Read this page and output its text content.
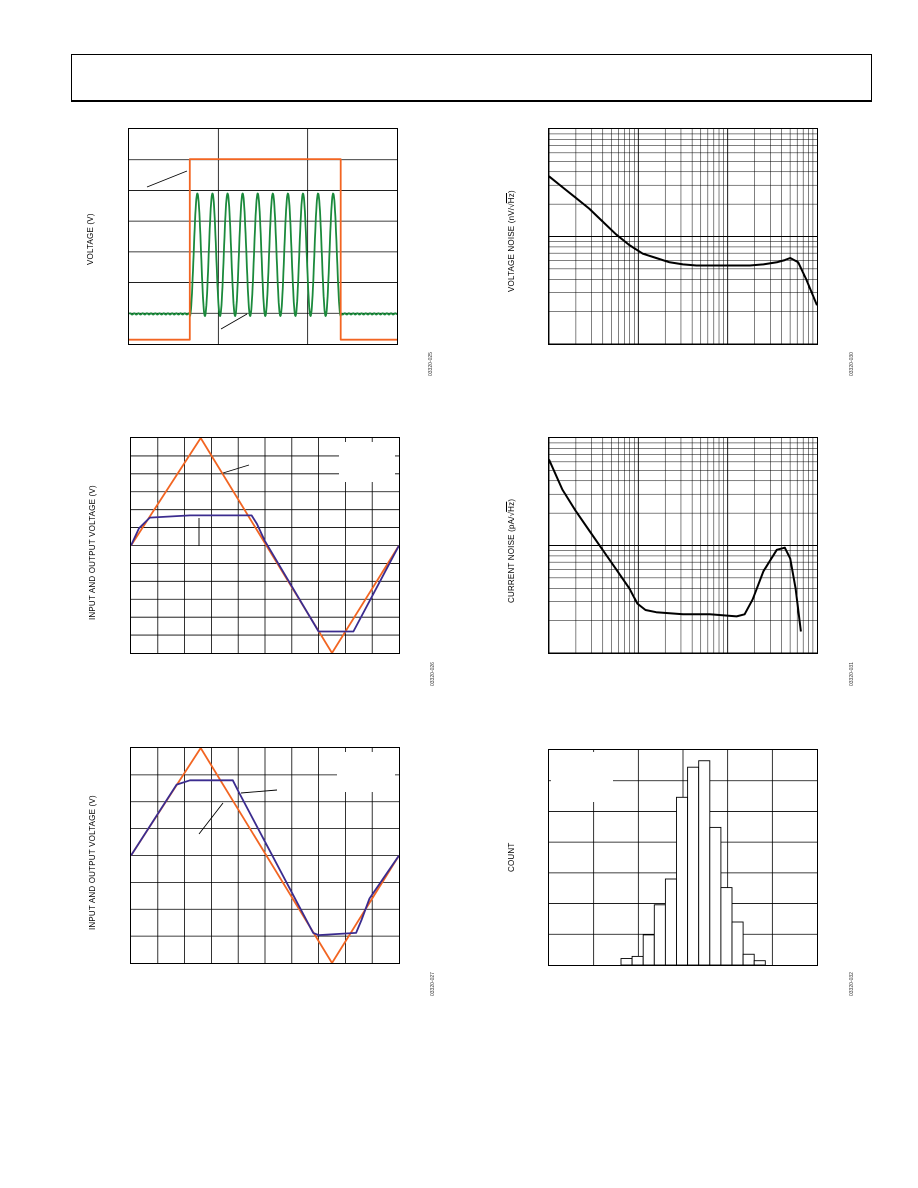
VOLTAGE (V)
03320-025
VOLTAGE NOISE (nV/√Hz)
03320-030
INPUT AND OUTPUT VOLTAGE (V)
03320-026
CURRENT NOISE (pA/√Hz)
03320-031
INPUT AND OUTPUT VOLTAGE (V)
03320-027
COUNT
03320-032
